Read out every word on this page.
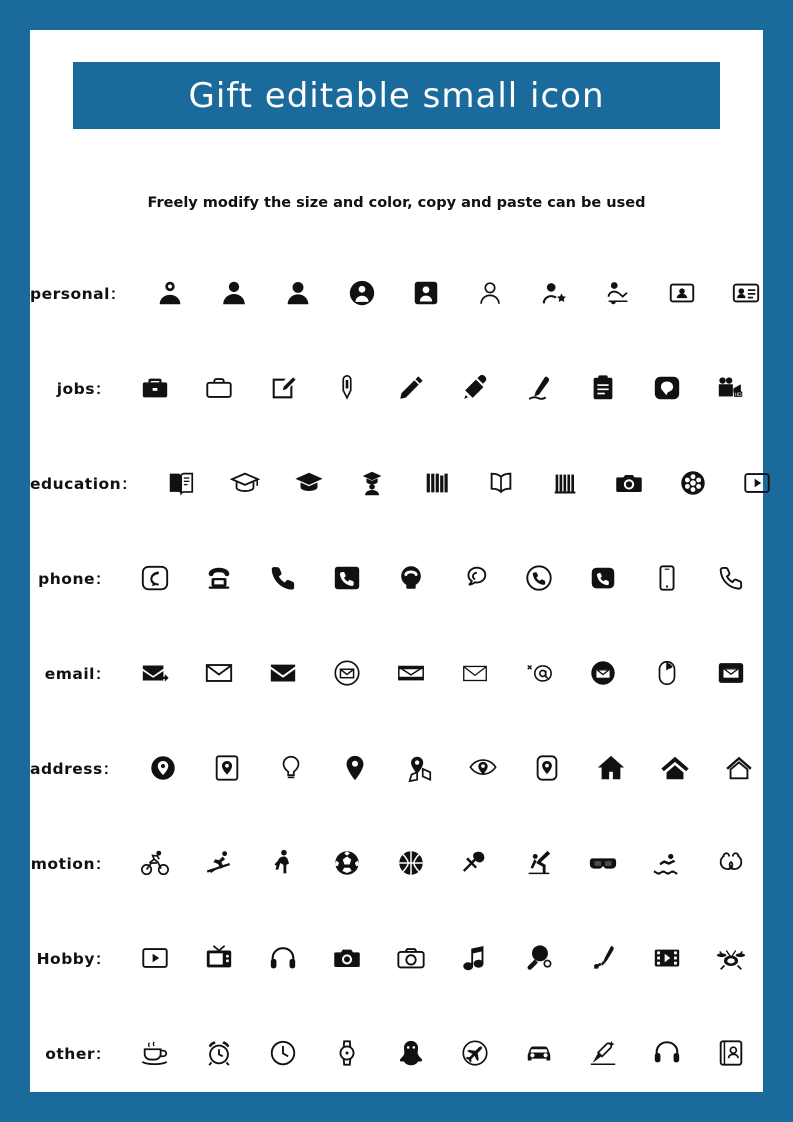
Gift editable small icon
Freely modify the size and color, copy and paste can be used
personal：
jobs：	HD
education：
phone：
email：
address：
motion：
Hobby：
other：
